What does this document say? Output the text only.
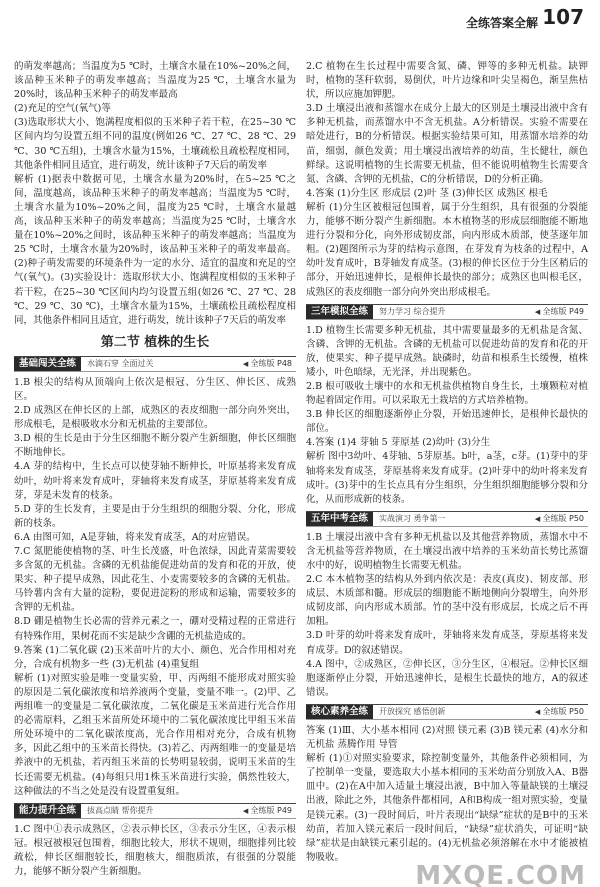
全练答案全解 107
的萌发率越高；当温度为5 ℃时，土壤含水量在10%~20%之间，该品种玉米种子的萌发率越高；当温度为25 ℃，土壤含水量为20%时，该品种玉米种子的萌发率最高
(2)充足的空气(氧气)等
(3)选取形状大小、饱满程度相似的玉米种子若干粒，在25~30 ℃区间内均匀设置五组不同的温度(例如26 ℃、27 ℃、28 ℃、29 ℃、30 ℃五组)，土壤含水量为15%，土壤疏松且疏松程度相同，其他条件相同且适宜，进行萌发，统计该种子7天后的萌发率
解析 (1)据表中数据可见，土壤含水量为20%时，在5~25 ℃之间，温度越高，该品种玉米种子的萌发率越高；当温度为5 ℃时，土壤含水量为10%~20%之间，温度为25 ℃时，土壤含水量越高，该品种玉米种子的萌发率越高；当温度为25 ℃时，土壤含水量在10%~20%之间时，该品种玉米种子的萌发率越高；当温度为25 ℃时，土壤含水量为20%时，该品种玉米种子的萌发率最高。(2)种子萌发需要的环境条件为一定的水分、适宜的温度和充足的空气(氧气)。(3)实验设计：选取形状大小、饱满程度相似的玉米种子若干粒，在25~30 ℃区间内均匀设置五组(如26 ℃、27 ℃、28 ℃、29 ℃、30 ℃)，土壤含水量为15%，土壤疏松且疏松程度相同，其他条件相同且适宜，进行萌发，统计该种子7天后的萌发率
第二节 植株的生长
基础闯关全练	水滴石穿 全面过关	◀ 全练版 P48
1.B 根尖的结构从顶端向上依次是根冠、分生区、伸长区、成熟区。
2.D 成熟区在伸长区的上部，成熟区的表皮细胞一部分向外突出，形成根毛，是根吸收水分和无机盐的主要部位。
3.D 根的生长是由于分生区细胞不断分裂产生新细胞，伸长区细胞不断地伸长。
4.A 芽的结构中，生长点可以使芽轴不断伸长，叶原基将来发育成幼叶，幼叶将来发育成叶，芽轴将来发育成茎，芽原基将来发育成芽，芽是未发育的枝条。
5.D 芽的生长发育，主要是由于分生组织的细胞分裂、分化，形成新的枝条。
6.A 由图可知，A是芽轴，将来发育成茎，A的对应错误。
7.C 氮肥能使植物的茎、叶生长茂盛，叶色浓绿，因此青菜需要较多含氮的无机盐。含磷的无机盐能促进幼苗的发育和花的开放，使果实、种子提早成熟，因此花生、小麦需要较多的含磷的无机盐。马铃薯内含有大量的淀粉，要促进淀粉的形成和运输，需要较多的含钾的无机盐。
8.D 硼是植物生长必需的营养元素之一，硼对受精过程的正常进行有特殊作用，果树花而不实是缺少含硼的无机盐造成的。
9.答案 (1)二氧化碳 (2)玉米苗叶片的大小、颜色、光合作用相对充分，合成有机物多一些 (3)无机盐 (4)重复组
解析 (1)对照实验是唯一变量实验，甲、丙两组不能形成对照实验的原因是二氧化碳浓度和培养液两个变量，变量不唯一。(2)甲、乙两组唯一的变量是二氧化碳浓度，二氧化碳是玉米苗进行光合作用的必需原料，乙组玉米苗所处环境中的二氧化碳浓度比甲组玉米苗所处环境中的二氧化碳浓度高，光合作用相对充分，合成有机物多，因此乙组中的玉米苗长得快。(3)若乙、丙两组唯一的变量是培养液中的无机盐，若丙组玉米苗的长势明显较弱，说明玉米苗的生长还需要无机盐。(4)每组只用1株玉米苗进行实验，偶然性较大，这种做法的不当之处是没有设置重复组。
能力提升全练	拔高点睛 帮你提升	◀ 全练版 P49
1.C 图中①表示成熟区，②表示伸长区，③表示分生区，④表示根冠。根冠被根冠包围着，细胞比较大，形状不规则，细胞排列比较疏松，伸长区细胞较长，细胞核大，细胞质浓，有很强的分裂能力，能够不断分裂产生新细胞。
2.C 植物在生长过程中需要含氮、磷、钾等的多种无机盐。缺钾时，植物的茎秆软弱，易倒伏，叶片边缘和叶尖呈褐色，渐呈焦枯状，所以应施加钾肥。
3.D 土壤浸出液和蒸馏水在成分上最大的区别是土壤浸出液中含有多种无机盐，而蒸馏水中不含无机盐。A分析错误。实验不需要在暗处进行，B的分析错误。根据实验结果可知，用蒸馏水培养的幼苗，细弱，颜色发黄；用土壤浸出液培养的幼苗，生长健壮，颜色鲜绿。这说明植物的生长需要无机盐，但不能说明植物生长需要含氮、含磷、含钾的无机盐，C的分析错误，D的分析正确。
4.答案 (1)分生区 形成层 (2)叶 茎 (3)伸长区 成熟区 根毛
解析 (1)分生区被根冠包围着，属于分生组织，具有很强的分裂能力，能够不断分裂产生新细胞。本木植物茎的形成层细胞能不断地进行分裂和分化，向外形成韧皮部，向内形成木质部，使茎逐年加粗。(2)题图所示为芽的结构示意图，在芽发育为枝条的过程中，A幼叶发育成叶，B芽轴发育成茎。(3)根的伸长区位于分生区稍后的部分，开始迅速伸长，是根伸长最快的部分；成熟区也叫根毛区，成熟区的表皮细胞一部分向外突出形成根毛。
三年模拟全练	努力学习 综合提升	◀ 全练版 P49
1.D 植物生长需要多种无机盐，其中需要量最多的无机盐是含氮、含磷、含钾的无机盐。含磷的无机盐可以促进幼苗的发育和花的开放，使果实、种子提早成熟。缺磷时，幼苗和根系生长缓慢，植株矮小，叶色暗绿，无光泽，并出现紫色。
2.B 根可吸收土壤中的水和无机盐供植物自身生长，土壤颗粒对植物起着固定作用。可以采取无土栽培的方式培养植物。
3.B 伸长区的细胞逐渐停止分裂，开始迅速伸长，是根伸长最快的部位。
4.答案 (1)4 芽轴 5 芽原基 (2)幼叶 (3)分生
解析 图中3幼叶、4芽轴、5芽原基。b叶，a茎，c芽。(1)芽中的芽轴将来发育成茎，芽原基将来发育成芽。(2)叶芽中的幼叶将来发育成叶。(3)芽中的生长点具有分生组织，分生组织细胞能够分裂和分化，从而形成新的枝条。
五年中考全练	实战演习 勇争第一	◀ 全练版 P50
1.B 土壤浸出液中含有多种无机盐以及其他营养物质，蒸馏水中不含无机盐等营养物质，在土壤浸出液中培养的玉米幼苗长势比蒸馏水中的好，说明植物生长需要无机盐。
2.C 本木植物茎的结构从外到内依次是：表皮(真皮)、韧皮部、形成层、木质部和髓。形成层的细胞能不断地侧向分裂增生，向外形成韧皮部，向内形成木质部。竹的茎中没有形成层，长成之后不再加粗。
3.D 叶芽的幼叶将来发育成叶，芽轴将来发育成茎，芽原基将来发育成芽。D的叙述错误。
4.A 图中，②成熟区，②伸长区，③分生区，④根冠。②伸长区细胞逐渐停止分裂，开始迅速伸长，是根生长最快的地方，A的叙述错误。
核心素养全练	开放探究 感悟创新	◀ 全练版 P50
答案 (1)Ⅲ、大小基本相同 (2)对照 镁元素 (3)B 镁元素 (4)水分和无机盐 蒸腾作用 导管
解析 (1)①对照实验要求，除控制变量外，其他条件必须相同，为了控制单一变量，要选取大小基本相同的玉米幼苗分别放入A、B器皿中。(2)在A中加入适量土壤浸出液，B中加入等量缺镁的土壤浸出液，除此之外，其他条件都相同，A和B构成一组对照实验，变量是镁元素。(3)一段时间后，叶片表现出“缺绿”症状的是B中的玉米幼苗，若加入镁元素后一段时间后，“缺绿”症状消失，可证明“缺绿”症状是由缺镁元素引起的。(4)无机盐必须溶解在水中才能被植物吸收。
MXQE.COM
